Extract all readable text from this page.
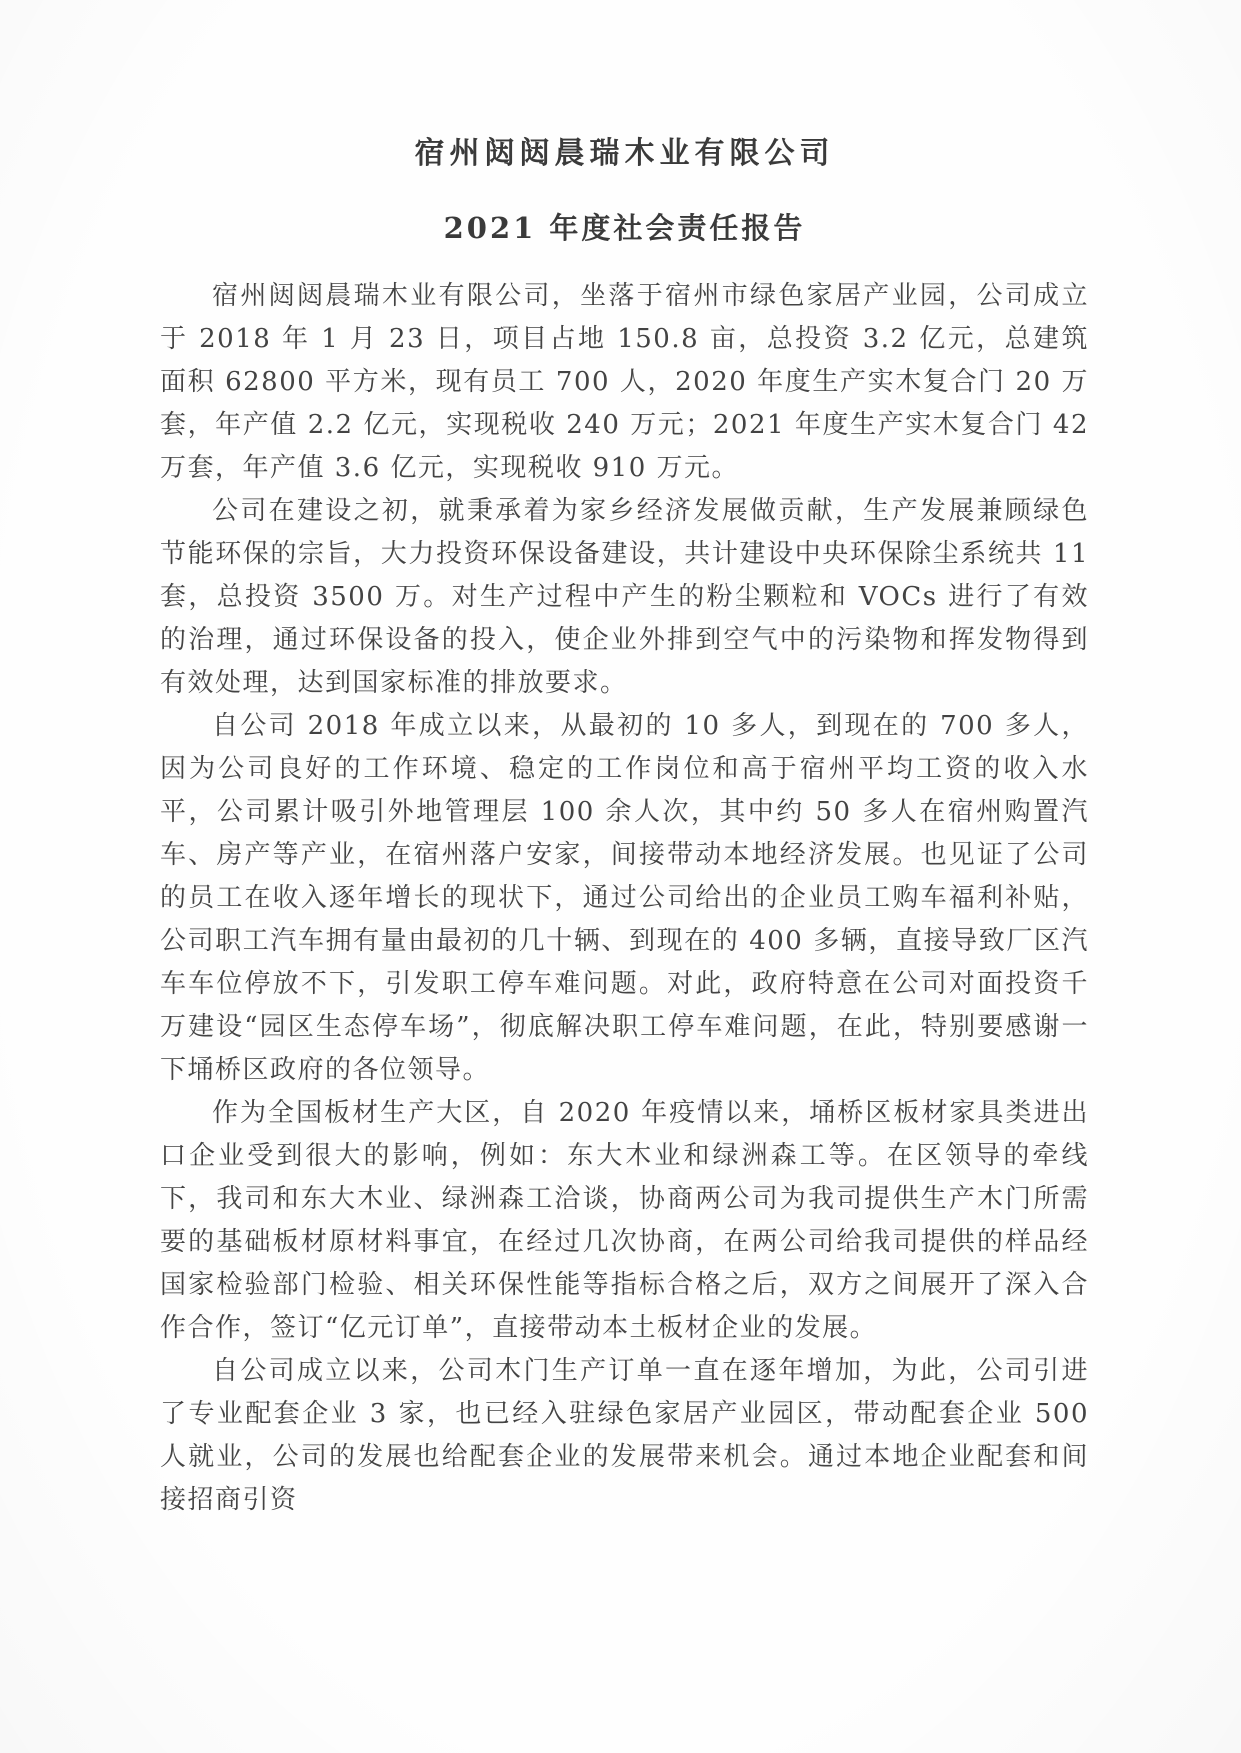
宿州闼闼晨瑞木业有限公司
2021 年度社会责任报告

宿州闼闼晨瑞木业有限公司，坐落于宿州市绿色家居产业园，公司成立于 2018 年 1 月 23 日，项目占地 150.8 亩，总投资 3.2 亿元，总建筑面积 62800 平方米，现有员工 700 人，2020 年度生产实木复合门 20 万套，年产值 2.2 亿元，实现税收 240 万元；2021 年度生产实木复合门 42 万套，年产值 3.6 亿元，实现税收 910 万元。

公司在建设之初，就秉承着为家乡经济发展做贡献，生产发展兼顾绿色节能环保的宗旨，大力投资环保设备建设，共计建设中央环保除尘系统共 11 套，总投资 3500 万。对生产过程中产生的粉尘颗粒和 VOCs 进行了有效的治理，通过环保设备的投入，使企业外排到空气中的污染物和挥发物得到有效处理，达到国家标准的排放要求。

自公司 2018 年成立以来，从最初的 10 多人，到现在的 700 多人，因为公司良好的工作环境、稳定的工作岗位和高于宿州平均工资的收入水平，公司累计吸引外地管理层 100 余人次，其中约 50 多人在宿州购置汽车、房产等产业，在宿州落户安家，间接带动本地经济发展。也见证了公司的员工在收入逐年增长的现状下，通过公司给出的企业员工购车福利补贴，公司职工汽车拥有量由最初的几十辆、到现在的 400 多辆，直接导致厂区汽车车位停放不下，引发职工停车难问题。对此，政府特意在公司对面投资千万建设“园区生态停车场”，彻底解决职工停车难问题，在此，特别要感谢一下埇桥区政府的各位领导。

作为全国板材生产大区，自 2020 年疫情以来，埇桥区板材家具类进出口企业受到很大的影响，例如：东大木业和绿洲森工等。在区领导的牵线下，我司和东大木业、绿洲森工洽谈，协商两公司为我司提供生产木门所需要的基础板材原材料事宜，在经过几次协商，在两公司给我司提供的样品经国家检验部门检验、相关环保性能等指标合格之后，双方之间展开了深入合作合作，签订“亿元订单”，直接带动本土板材企业的发展。

自公司成立以来，公司木门生产订单一直在逐年增加，为此，公司引进了专业配套企业 3 家，也已经入驻绿色家居产业园区，带动配套企业 500 人就业，公司的发展也给配套企业的发展带来机会。通过本地企业配套和间接招商引资
